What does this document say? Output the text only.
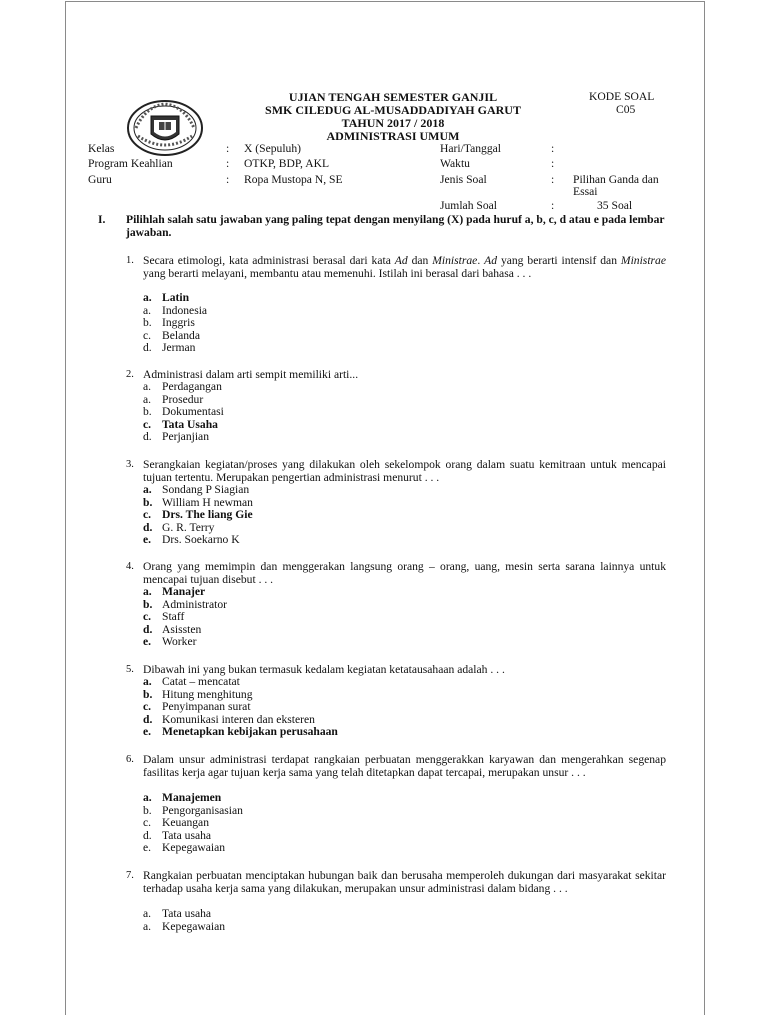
UJIAN TENGAH SEMESTER GANJIL
SMK CILEDUG AL-MUSADDADIYAH GARUT
TAHUN 2017 / 2018
ADMINISTRASI UMUM
KODE SOAL
C05
Kelas	: X (Sepuluh)	Hari/Tanggal	:
Program Keahlian	: OTKP, BDP, AKL	Waktu	:
Guru	: Ropa Mustopa N, SE	Jenis Soal	: Pilihan Ganda dan
Essai
Jumlah Soal	:	35 Soal
I. Pilihlah salah satu jawaban yang paling tepat dengan menyilang (X) pada huruf a, b, c, d atau e pada lembar jawaban.
1. Secara etimologi, kata administrasi berasal dari kata Ad dan Ministrae. Ad yang berarti intensif dan Ministrae yang berarti melayani, membantu atau memenuhi. Istilah ini berasal dari bahasa . . .
a. Latin
a. Indonesia
b. Inggris
c. Belanda
d. Jerman
2. Administrasi dalam arti sempit memiliki arti...
a. Perdagangan
a. Prosedur
b. Dokumentasi
c. Tata Usaha
d. Perjanjian
3. Serangkaian kegiatan/proses yang dilakukan oleh sekelompok orang dalam suatu kemitraan untuk mencapai tujuan tertentu. Merupakan pengertian administrasi menurut . . .
a. Sondang P Siagian
b. William H newman
c. Drs. The liang Gie
d. G. R. Terry
e. Drs. Soekarno K
4. Orang yang memimpin dan menggerakan langsung orang – orang, uang, mesin serta sarana lainnya untuk mencapai tujuan disebut . . .
a. Manajer
b. Administrator
c. Staff
d. Asissten
e. Worker
5. Dibawah ini yang bukan termasuk kedalam kegiatan ketatausahaan adalah . . .
a. Catat – mencatat
b. Hitung menghitung
c. Penyimpanan surat
d. Komunikasi interen dan eksteren
e. Menetapkan kebijakan perusahaan
6. Dalam unsur administrasi terdapat rangkaian perbuatan menggerakkan karyawan dan mengerahkan segenap fasilitas kerja agar tujuan kerja sama yang telah ditetapkan dapat tercapai, merupakan unsur . . .
a. Manajemen
b. Pengorganisasian
c. Keuangan
d. Tata usaha
e. Kepegawaian
7. Rangkaian perbuatan menciptakan hubungan baik dan berusaha memperoleh dukungan dari masyarakat sekitar terhadap usaha kerja sama yang dilakukan, merupakan unsur administrasi dalam bidang . . .
a. Tata usaha
a. Kepegawaian
